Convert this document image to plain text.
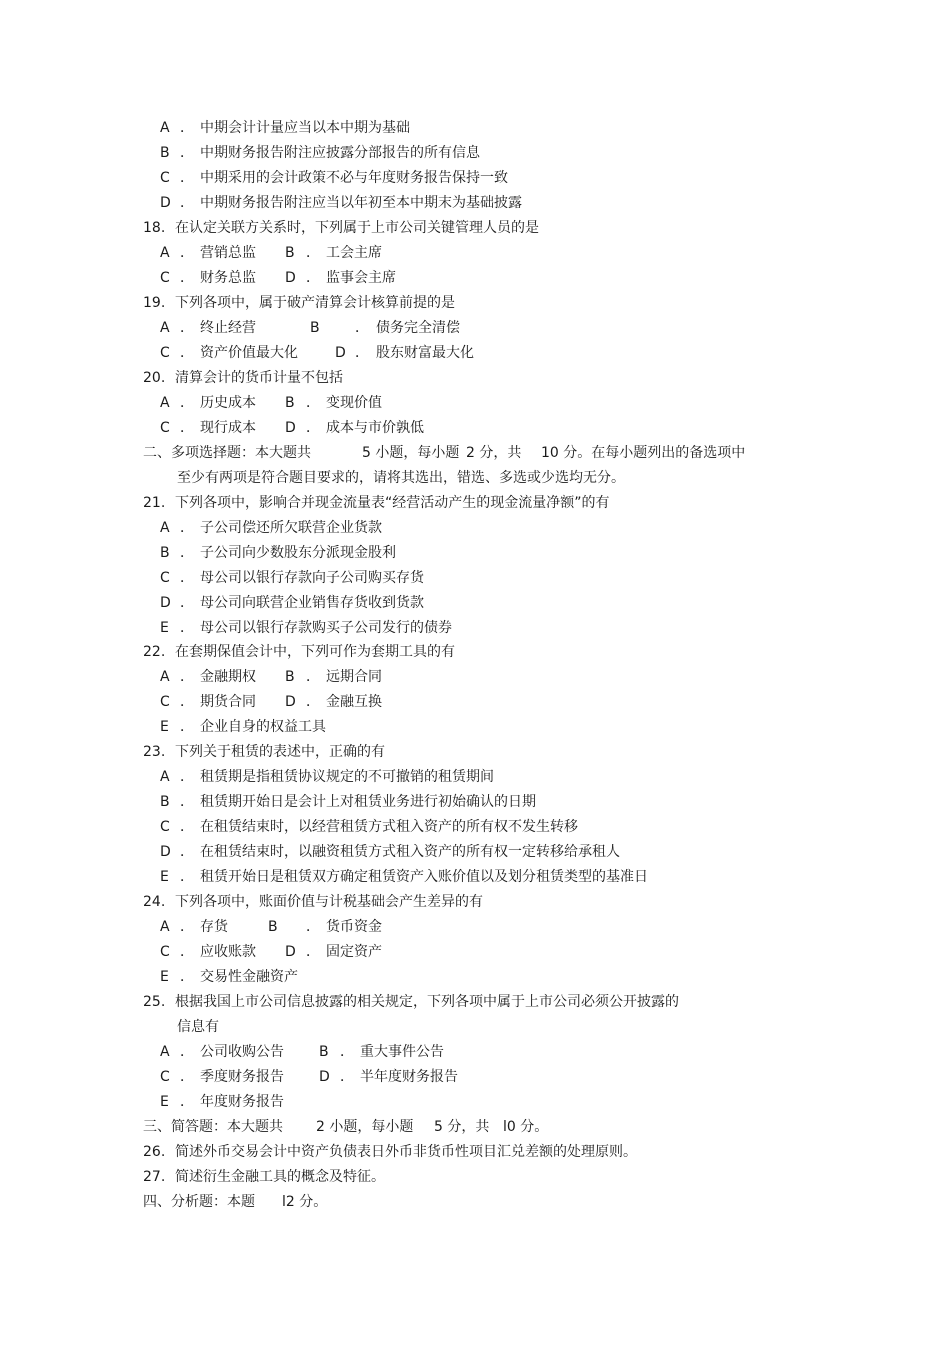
A ． 中期会计计量应当以本中期为基础
B ． 中期财务报告附注应披露分部报告的所有信息
C ． 中期采用的会计政策不必与年度财务报告保持一致
D ． 中期财务报告附注应当以年初至本中期末为基础披露
18. 在认定关联方关系时，下列属于上市公司关键管理人员的是
A ． 营销总监 B ． 工会主席
C ． 财务总监 D ． 监事会主席
19. 下列各项中，属于破产清算会计核算前提的是
A ． 终止经营	B	． 债务完全清偿
C ． 资产价值最大化	D ． 股东财富最大化
20. 清算会计的货币计量不包括
A ． 历史成本 B ． 变现价值
C ． 现行成本 D ． 成本与市价孰低
二、多项选择题：本大题共	5 小题，每小题 2 分，共 10 分。在每小题列出的备选项中
至少有两项是符合题目要求的，请将其选出，错选、多选或少选均无分。
21. 下列各项中，影响合并现金流量表“经营活动产生的现金流量净额”的有
A ． 子公司偿还所欠联营企业货款
B ． 子公司向少数股东分派现金股利
C ． 母公司以银行存款向子公司购买存货
D ． 母公司向联营企业销售存货收到货款
E ． 母公司以银行存款购买子公司发行的债券
22. 在套期保值会计中，下列可作为套期工具的有
A ． 金融期权 B ． 远期合同
C ． 期货合同 D ． 金融互换
E ． 企业自身的权益工具
23. 下列关于租赁的表述中，正确的有
A ． 租赁期是指租赁协议规定的不可撤销的租赁期间
B ． 租赁期开始日是会计上对租赁业务进行初始确认的日期
C ． 在租赁结束时，以经营租赁方式租入资产的所有权不发生转移
D ． 在租赁结束时，以融资租赁方式租入资产的所有权一定转移给承租人
E ． 租赁开始日是租赁双方确定租赁资产入账价值以及划分租赁类型的基准日
24. 下列各项中，账面价值与计税基础会产生差异的有
A ． 存货	B ． 货币资金
C ． 应收账款 D ． 固定资产
E ． 交易性金融资产
25. 根据我国上市公司信息披露的相关规定，下列各项中属于上市公司必须公开披露的
信息有
A ． 公司收购公告	B ． 重大事件公告
C ． 季度财务报告	D ． 半年度财务报告
E ． 年度财务报告
三、简答题：本大题共 2 小题，每小题 5 分，共 l0 分。
26. 简述外币交易会计中资产负债表日外币非货币性项目汇兑差额的处理原则。
27. 简述衍生金融工具的概念及特征。
四、分析题：本题 l2 分。
